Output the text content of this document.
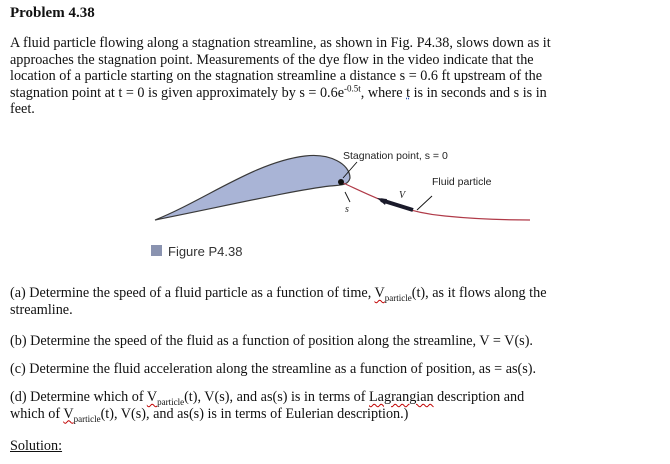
Problem 4.38
A fluid particle flowing along a stagnation streamline, as shown in Fig. P4.38, slows down as it
approaches the stagnation point. Measurements of the dye flow in the video indicate that the
location of a particle starting on the stagnation streamline a distance s = 0.6 ft upstream of the
stagnation point at t = 0 is given approximately by $s = 0.6e^{-0.5t}$, where t is in seconds and s is in
feet.
Stagnation point, s = 0
Fluid particle
s
V
Figure P4.38
(a) Determine the speed of a fluid particle as a function of time, $V_{particle}(t)$, as it flows along the
streamline.
(b) Determine the speed of the fluid as a function of position along the streamline, V = V(s).
(c) Determine the fluid acceleration along the streamline as a function of position, as = as(s).
(d) Determine which of $V_{particle}(t)$, V(s), and as(s) is in terms of Lagrangian description and
which of $V_{particle}(t)$, V(s), and as(s) is in terms of Eulerian description.)
Solution:
